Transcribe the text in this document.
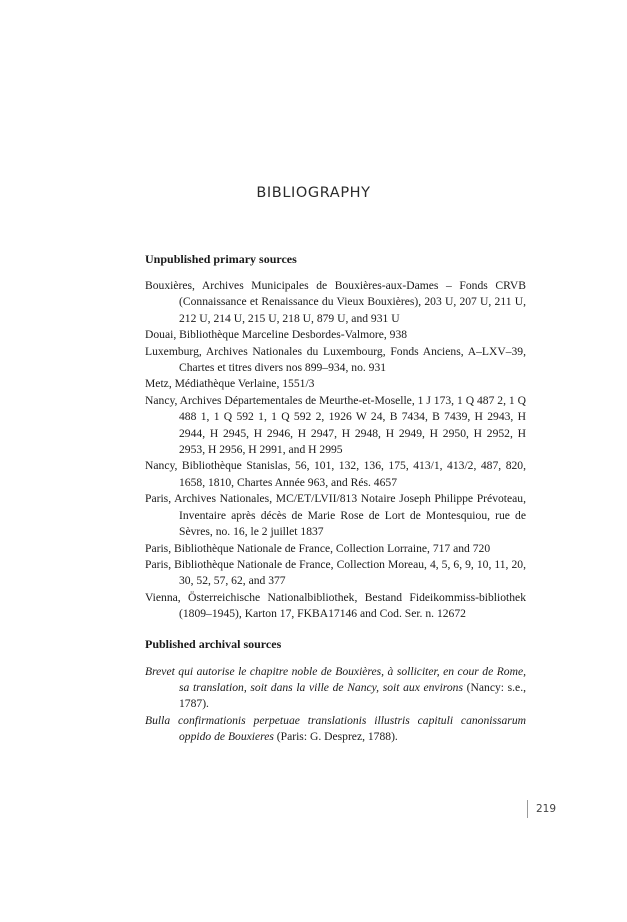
BIBLIOGRAPHY
Unpublished primary sources
Bouxières, Archives Municipales de Bouxières-aux-Dames – Fonds CRVB (Connaissance et Renaissance du Vieux Bouxières), 203 U, 207 U, 211 U, 212 U, 214 U, 215 U, 218 U, 879 U, and 931 U
Douai, Bibliothèque Marceline Desbordes-Valmore, 938
Luxemburg, Archives Nationales du Luxembourg, Fonds Anciens, A–LXV–39, Chartes et titres divers nos 899–934, no. 931
Metz, Médiathèque Verlaine, 1551/3
Nancy, Archives Départementales de Meurthe-et-Moselle, 1 J 173, 1 Q 487 2, 1 Q 488 1, 1 Q 592 1, 1 Q 592 2, 1926 W 24, B 7434, B 7439, H 2943, H 2944, H 2945, H 2946, H 2947, H 2948, H 2949, H 2950, H 2952, H 2953, H 2956, H 2991, and H 2995
Nancy, Bibliothèque Stanislas, 56, 101, 132, 136, 175, 413/1, 413/2, 487, 820, 1658, 1810, Chartes Année 963, and Rés. 4657
Paris, Archives Nationales, MC/ET/LVII/813 Notaire Joseph Philippe Prévoteau, Inventaire après décès de Marie Rose de Lort de Montesquiou, rue de Sèvres, no. 16, le 2 juillet 1837
Paris, Bibliothèque Nationale de France, Collection Lorraine, 717 and 720
Paris, Bibliothèque Nationale de France, Collection Moreau, 4, 5, 6, 9, 10, 11, 20, 30, 52, 57, 62, and 377
Vienna, Österreichische Nationalbibliothek, Bestand Fideikommiss-bibliothek (1809–1945), Karton 17, FKBA17146 and Cod. Ser. n. 12672
Published archival sources
Brevet qui autorise le chapitre noble de Bouxières, à solliciter, en cour de Rome, sa translation, soit dans la ville de Nancy, soit aux environs (Nancy: s.e., 1787).
Bulla confirmationis perpetuae translationis illustris capituli canonissarum oppido de Bouxieres (Paris: G. Desprez, 1788).
219
